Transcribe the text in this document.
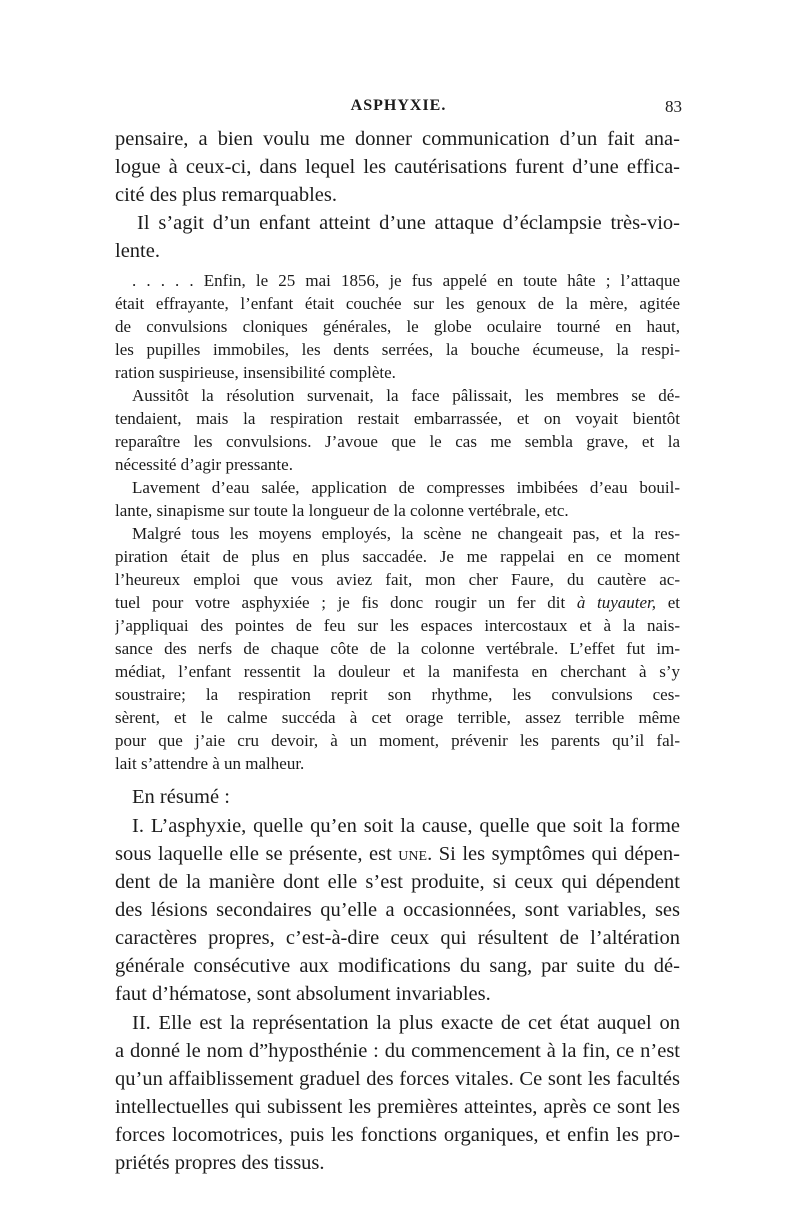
ASPHYXIE.	83
pensaire, a bien voulu me donner communication d’un fait ana-
logue à ceux-ci, dans lequel les cautérisations furent d’une effica-
cité des plus remarquables.
Il s’agit d’un enfant atteint d’une attaque d’éclampsie très-vio-
lente.
. . . . . Enfin, le 25 mai 1856, je fus appelé en toute hâte ; l’attaque
était effrayante, l’enfant était couchée sur les genoux de la mère, agitée
de convulsions cloniques générales, le globe oculaire tourné en haut,
les pupilles immobiles, les dents serrées, la bouche écumeuse, la respi-
ration suspirieuse, insensibilité complète.
Aussitôt la résolution survenait, la face pâlissait, les membres se dé-
tendaient, mais la respiration restait embarrassée, et on voyait bientôt
reparaître les convulsions. J’avoue que le cas me sembla grave, et la
nécessité d’agir pressante.
Lavement d’eau salée, application de compresses imbibées d’eau bouil-
lante, sinapisme sur toute la longueur de la colonne vertébrale, etc.
Malgré tous les moyens employés, la scène ne changeait pas, et la res-
piration était de plus en plus saccadée. Je me rappelai en ce moment
l’heureux emploi que vous aviez fait, mon cher Faure, du cautère ac-
tuel pour votre asphyxiée ; je fis donc rougir un fer dit à tuyauter, et
j’appliquai des pointes de feu sur les espaces intercostaux et à la nais-
sance des nerfs de chaque côte de la colonne vertébrale. L’effet fut im-
médiat, l’enfant ressentit la douleur et la manifesta en cherchant à s’y
soustraire; la respiration reprit son rhythme, les convulsions ces-
sèrent, et le calme succéda à cet orage terrible, assez terrible même
pour que j’aie cru devoir, à un moment, prévenir les parents qu’il fal-
lait s’attendre à un malheur.
En résumé :
I. L’asphyxie, quelle qu’en soit la cause, quelle que soit la forme
sous laquelle elle se présente, est une. Si les symptômes qui dépen-
dent de la manière dont elle s’est produite, si ceux qui dépendent
des lésions secondaires qu’elle a occasionnées, sont variables, ses
caractères propres, c’est-à-dire ceux qui résultent de l’altération
générale consécutive aux modifications du sang, par suite du dé-
faut d’hématose, sont absolument invariables.
II. Elle est la représentation la plus exacte de cet état auquel on
a donné le nom d”hyposthénie : du commencement à la fin, ce n’est
qu’un affaiblissement graduel des forces vitales. Ce sont les facultés
intellectuelles qui subissent les premières atteintes, après ce sont les
forces locomotrices, puis les fonctions organiques, et enfin les pro-
priétés propres des tissus.
